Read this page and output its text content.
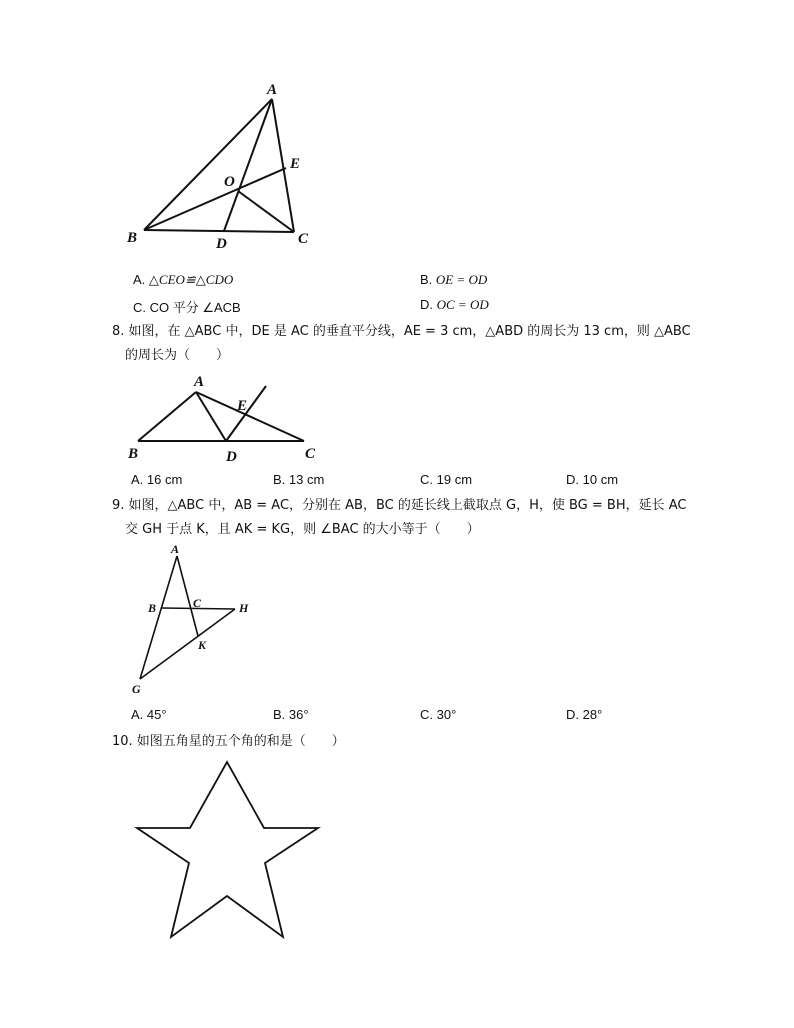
A
B	C
D
E
O
A. △CEO≌△CDO	B. OE = OD
C. CO 平分 ∠ACB	D. OC = OD
8. 如图，在 △ABC 中，DE 是 AC 的垂直平分线，AE = 3 cm，△ABD 的周长为 13 cm，则 △ABC
的周长为（　　）
A
B	C
D
E
A. 16 cm	B. 13 cm	C. 19 cm	D. 10 cm
9. 如图，△ABC 中，AB = AC，分别在 AB，BC 的延长线上截取点 G，H，使 BG = BH，延长 AC
交 GH 于点 K，且 AK = KG，则 ∠BAC 的大小等于（　　）
A
B	C	H
K
G
A. 45°	B. 36°	C. 30°	D. 28°
10. 如图五角星的五个角的和是（　　）
